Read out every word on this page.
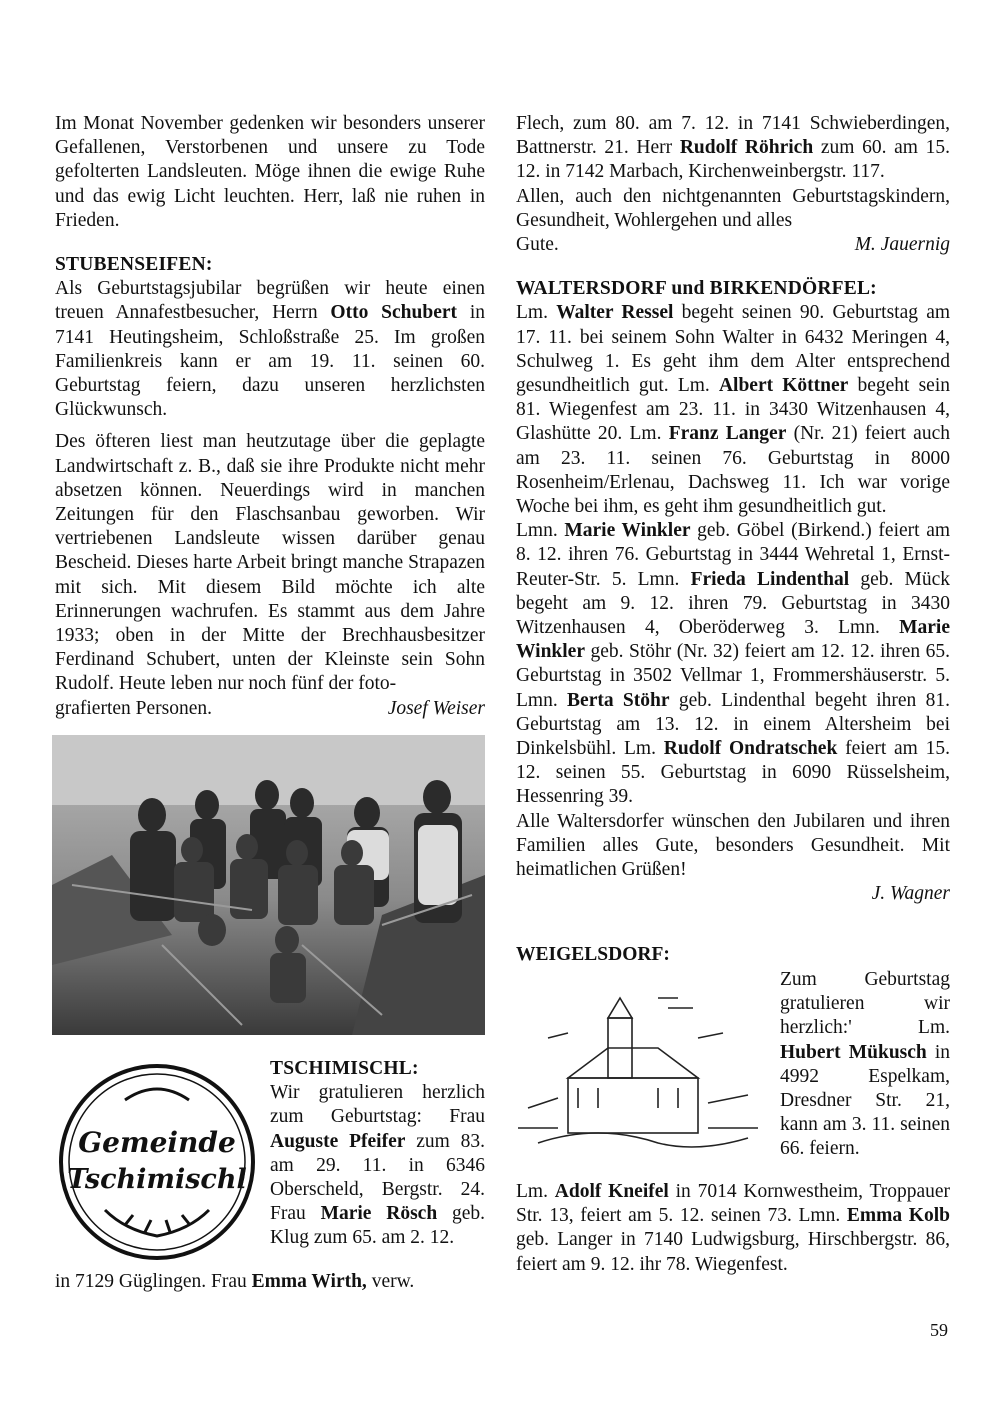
Im Monat November gedenken wir besonders unserer Gefallenen, Verstorbenen und unsere zu Tode gefolterten Landsleuten. Möge ihnen die ewige Ruhe und das ewig Licht leuchten. Herr, laß nie ruhen in Frieden.

STUBENSEIFEN:

Als Geburtstagsjubilar begrüßen wir heute einen treuen Annafestbesucher, Herrn Otto Schubert in 7141 Heutingsheim, Schloßstraße 25. Im großen Familienkreis kann er am 19. 11. seinen 60. Geburtstag feiern, dazu unseren herzlichsten Glückwunsch.

Des öfteren liest man heutzutage über die geplagte Landwirtschaft z. B., daß sie ihre Produkte nicht mehr absetzen können. Neuerdings wird in manchen Zeitungen für den Flaschsanbau geworben. Wir vertriebenen Landsleute wissen darüber genau Bescheid. Dieses harte Arbeit bringt manche Strapazen mit sich. Mit diesem Bild möchte ich alte Erinnerungen wachrufen. Es stammt aus dem Jahre 1933; oben in der Mitte der Brechhausbesitzer Ferdinand Schubert, unten der Kleinste sein Sohn Rudolf. Heute leben nur noch fünf der foto-

grafierten Personen.	Josef Weiser
Gemeinde
Tschimischl

TSCHIMISCHL:

Wir gratulieren herzlich zum Geburtstag: Frau Auguste Pfeifer zum 83. am 29. 11. in 6346 Oberscheld, Bergstr. 24. Frau Marie Rösch geb. Klug zum 65. am 2. 12.

in 7129 Güglingen. Frau Emma Wirth, verw.

Flech, zum 80. am 7. 12. in 7141 Schwieberdingen, Battnerstr. 21. Herr Rudolf Röhrich zum 60. am 15. 12. in 7142 Marbach, Kirchenweinbergstr. 117.

Allen, auch den nichtgenannten Geburtstagskindern, Gesundheit, Wohlergehen und alles

Gute.	M. Jauernig

WALTERSDORF und BIRKENDÖRFEL:

Lm. Walter Ressel begeht seinen 90. Geburtstag am 17. 11. bei seinem Sohn Walter in 6432 Meringen 4, Schulweg 1. Es geht ihm dem Alter entsprechend gesundheitlich gut. Lm. Albert Köttner begeht sein 81. Wiegenfest am 23. 11. in 3430 Witzenhausen 4, Glashütte 20. Lm. Franz Langer (Nr. 21) feiert auch am 23. 11. seinen 76. Geburtstag in 8000 Rosenheim/Erlenau, Dachsweg 11. Ich war vorige Woche bei ihm, es geht ihm gesundheitlich gut.

Lmn. Marie Winkler geb. Göbel (Birkend.) feiert am 8. 12. ihren 76. Geburtstag in 3444 Wehretal 1, Ernst-Reuter-Str. 5. Lmn. Frieda Lindenthal geb. Mück begeht am 9. 12. ihren 79. Geburtstag in 3430 Witzenhausen 4, Oberöderweg 3. Lmn. Marie Winkler geb. Stöhr (Nr. 32) feiert am 12. 12. ihren 65. Geburtstag in 3502 Vellmar 1, Frommershäuserstr. 5. Lmn. Berta Stöhr geb. Lindenthal begeht ihren 81. Geburtstag am 13. 12. in einem Altersheim bei Dinkelsbühl. Lm. Rudolf Ondratschek feiert am 15. 12. seinen 55. Geburtstag in 6090 Rüsselsheim, Hessenring 39.

Alle Waltersdorfer wünschen den Jubilaren und ihren Familien alles Gute, besonders Gesundheit. Mit heimatlichen Grüßen!

J. Wagner

WEIGELSDORF:
Zum Geburtstag gratulieren wir herzlich:'	Lm. Hubert Mükusch in 4992 Espelkam, Dresdner Str. 21, kann am 3. 11. seinen 66. feiern.
Lm. Adolf Kneifel in 7014 Kornwestheim, Troppauer Str. 13, feiert am 5. 12. seinen 73. Lmn. Emma Kolb geb. Langer in 7140 Ludwigsburg, Hirschbergstr. 86, feiert am 9. 12. ihr 78. Wiegenfest.
59
